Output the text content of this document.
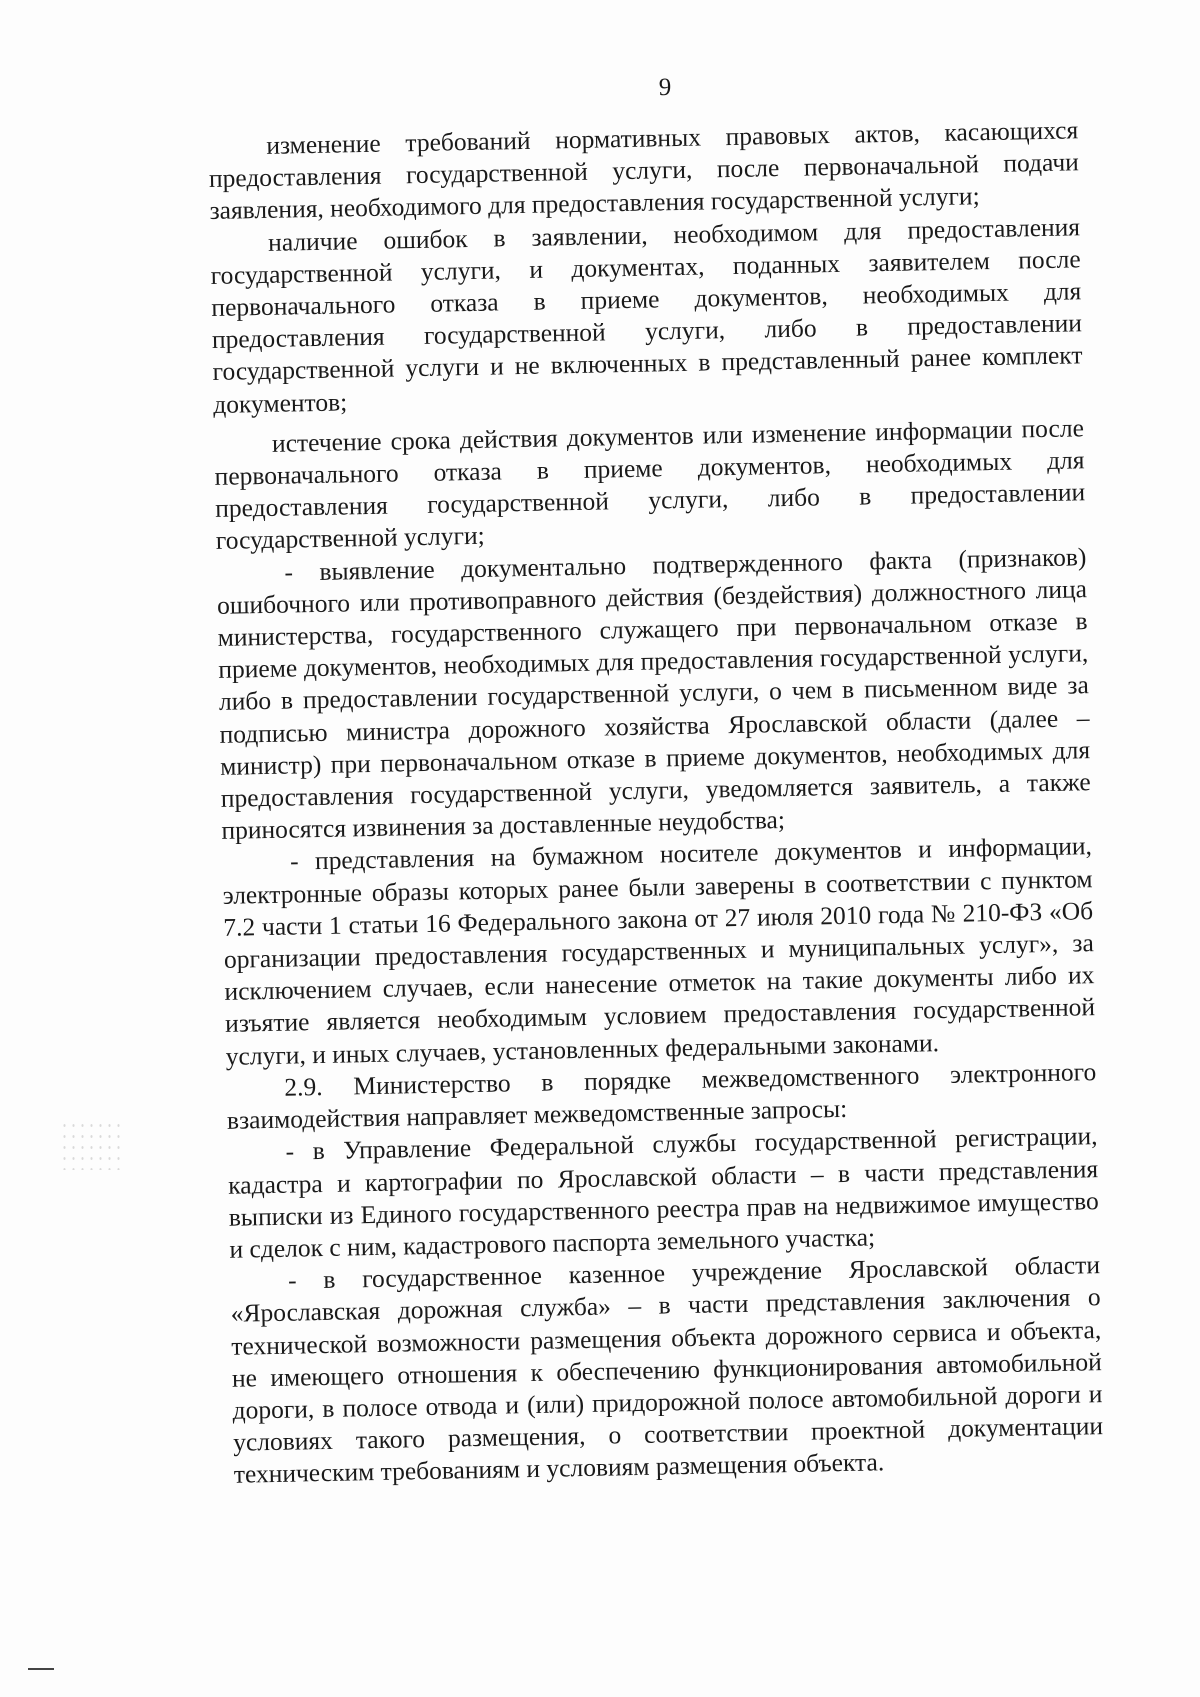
9

изменение требований нормативных правовых актов, касающихся предоставления государственной услуги, после первоначальной подачи заявления, необходимого для предоставления государственной услуги;

наличие ошибок в заявлении, необходимом для предоставления государственной услуги, и документах, поданных заявителем после первоначального отказа в приеме документов, необходимых для предоставления государственной услуги, либо в предоставлении государственной услуги и не включенных в представленный ранее комплект документов;

истечение срока действия документов или изменение информации после первоначального отказа в приеме документов, необходимых для предоставления государственной услуги, либо в предоставлении государственной услуги;

- выявление документально подтвержденного факта (признаков) ошибочного или противоправного действия (бездействия) должностного лица министерства, государственного служащего при первоначальном отказе в приеме документов, необходимых для предоставления государственной услуги, либо в предоставлении государственной услуги, о чем в письменном виде за подписью министра дорожного хозяйства Ярославской области (далее – министр) при первоначальном отказе в приеме документов, необходимых для предоставления государственной услуги, уведомляется заявитель, а также приносятся извинения за доставленные неудобства;

- представления на бумажном носителе документов и информации, электронные образы которых ранее были заверены в соответствии с пунктом 7.2 части 1 статьи 16 Федерального закона от 27 июля 2010 года № 210-ФЗ «Об организации предоставления государственных и муниципальных услуг», за исключением случаев, если нанесение отметок на такие документы либо их изъятие является необходимым условием предоставления государственной услуги, и иных случаев, установленных федеральными законами.

2.9. Министерство в порядке межведомственного электронного взаимодействия направляет межведомственные запросы:

- в Управление Федеральной службы государственной регистрации, кадастра и картографии по Ярославской области – в части представления выписки из Единого государственного реестра прав на недвижимое имущество и сделок с ним, кадастрового паспорта земельного участка;

- в государственное казенное учреждение Ярославской области «Ярославская дорожная служба» – в части представления заключения о технической возможности размещения объекта дорожного сервиса и объекта, не имеющего отношения к обеспечению функционирования автомобильной дороги, в полосе отвода и (или) придорожной полосе автомобильной дороги и условиях такого размещения, о соответствии проектной документации техническим требованиям и условиям размещения объекта.
